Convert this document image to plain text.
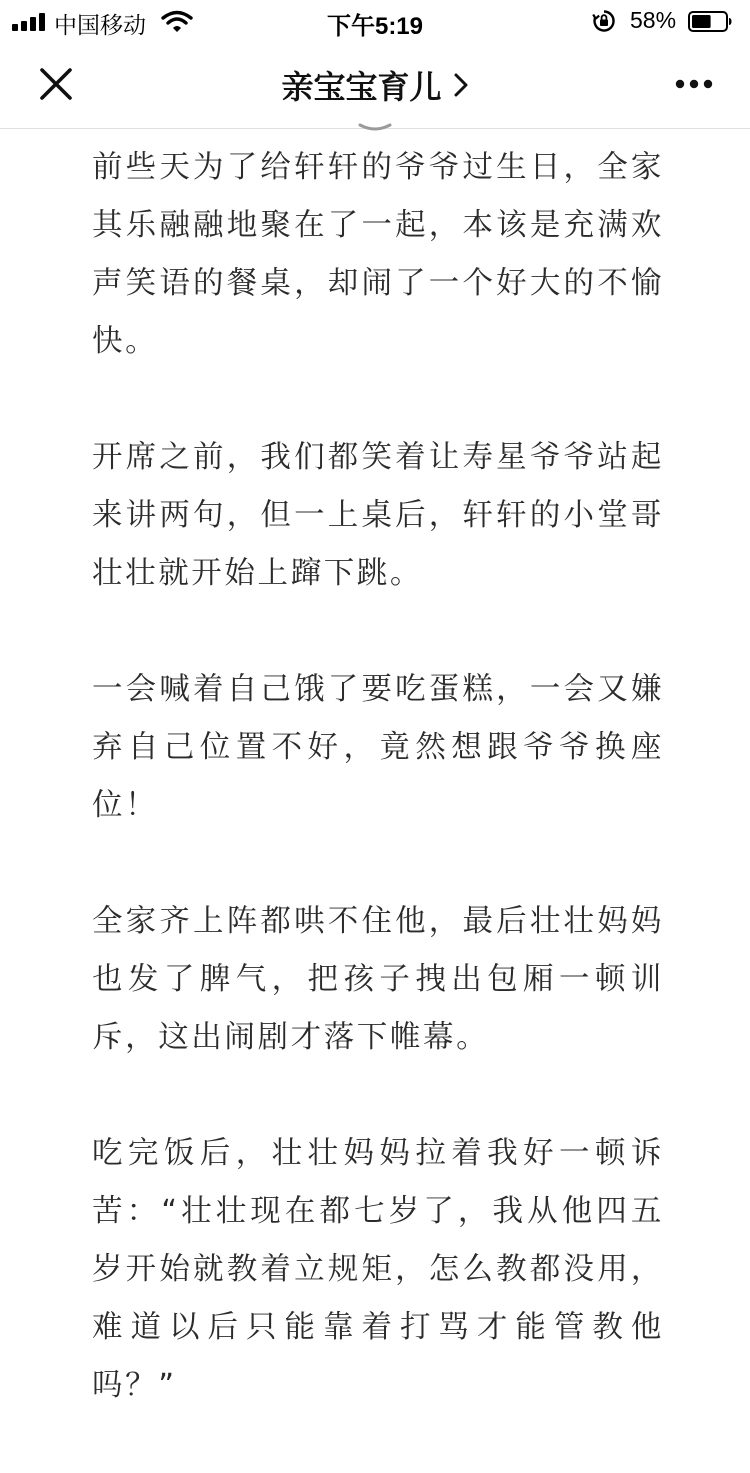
中国移动	下午5:19	58%
亲宝宝育儿

前些天为了给轩轩的爷爷过生日，全家其乐融融地聚在了一起，本该是充满欢声笑语的餐桌，却闹了一个好大的不愉快。

开席之前，我们都笑着让寿星爷爷站起来讲两句，但一上桌后，轩轩的小堂哥壮壮就开始上蹿下跳。

一会喊着自己饿了要吃蛋糕，一会又嫌弃自己位置不好，竟然想跟爷爷换座位！

全家齐上阵都哄不住他，最后壮壮妈妈也发了脾气，把孩子拽出包厢一顿训斥，这出闹剧才落下帷幕。

吃完饭后，壮壮妈妈拉着我好一顿诉苦：“壮壮现在都七岁了，我从他四五岁开始就教着立规矩，怎么教都没用，难道以后只能靠着打骂才能管教他吗？”
